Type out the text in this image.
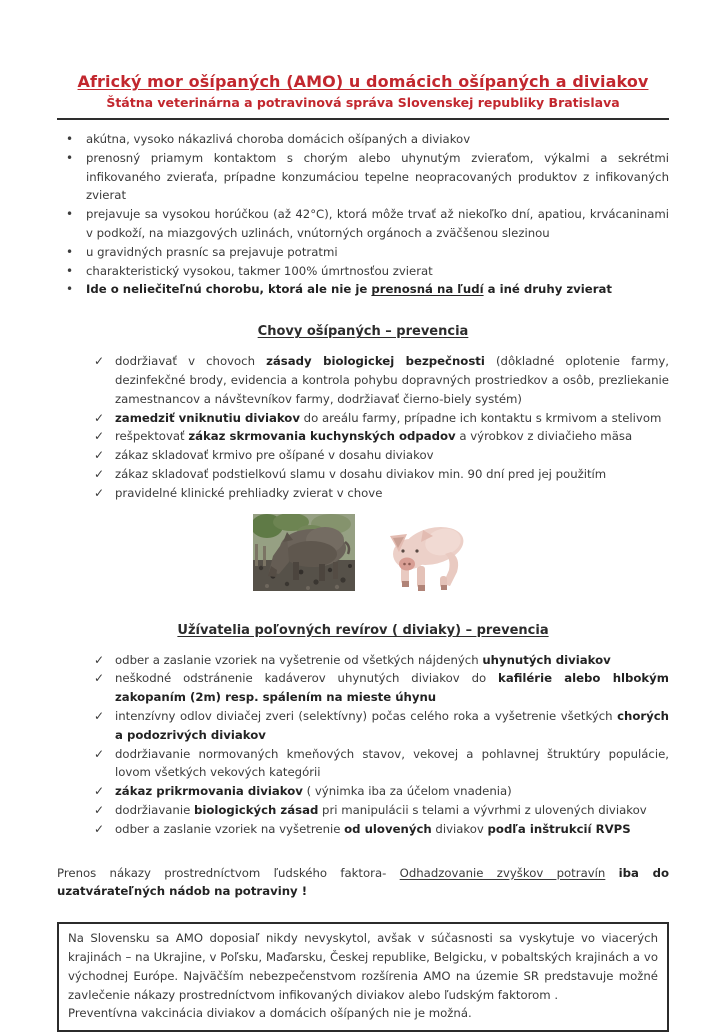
Africký mor ošípaných (AMO) u domácich ošípaných a diviakov
Štátna veterinárna a potravinová správa Slovenskej republiky Bratislava
•	akútna, vysoko nákazlivá choroba domácich ošípaných a diviakov
•	prenosný priamym kontaktom s chorým alebo uhynutým zvieraťom, výkalmi a sekrétmi infikovaného zvieraťa, prípadne konzumáciou tepelne neopracovaných produktov z infikovaných zvierat
•	prejavuje sa vysokou horúčkou (až 42°C), ktorá môže trvať až niekoľko dní, apatiou, krvácaninami v podkoží, na miazgových uzlinách, vnútorných orgánoch a zväčšenou slezinou
•	u gravidných prasníc sa prejavuje potratmi
•	charakteristický vysokou, takmer 100% úmrtnosťou zvierat
•	Ide o neliečiteľnú chorobu, ktorá ale nie je prenosná na ľudí a iné druhy zvierat
Chovy ošípaných – prevencia
✓ dodržiavať v chovoch zásady biologickej bezpečnosti (dôkladné oplotenie farmy, dezinfekčné brody, evidencia a kontrola pohybu dopravných prostriedkov a osôb, prezliekanie zamestnancov a návštevníkov farmy, dodržiavať čierno-biely systém)
✓ zamedziť vniknutiu diviakov do areálu farmy, prípadne ich kontaktu s krmivom a stelivom
✓ rešpektovať zákaz skrmovania kuchynských odpadov a výrobkov z diviačieho mäsa
✓ zákaz skladovať krmivo pre ošípané v dosahu diviakov
✓ zákaz skladovať podstielkovú slamu v dosahu diviakov min. 90 dní pred jej použitím
✓ pravidelné klinické prehliadky zvierat v chove
Užívatelia poľovných revírov ( diviaky) – prevencia
✓ odber a zaslanie vzoriek na vyšetrenie od všetkých nájdených uhynutých diviakov
✓ neškodné odstránenie kadáverov uhynutých diviakov do kafilérie alebo hlbokým zakopaním (2m) resp. spálením na mieste úhynu
✓ intenzívny odlov diviačej zveri (selektívny) počas celého roka a vyšetrenie všetkých chorých a podozrivých diviakov
✓ dodržiavanie normovaných kmeňových stavov, vekovej a pohlavnej štruktúry populácie, lovom všetkých vekových kategórii
✓ zákaz prikrmovania diviakov ( výnimka iba za účelom vnadenia)
✓ dodržiavanie biologických zásad pri manipulácii s telami a vývrhmi z ulovených diviakov
✓ odber a zaslanie vzoriek na vyšetrenie od ulovených diviakov podľa inštrukcií RVPS

Prenos nákazy prostredníctvom ľudského faktora- Odhadzovanie zvyškov potravín iba do uzatvárateľných nádob na potraviny !

Na Slovensku sa AMO doposiaľ nikdy nevyskytol, avšak v súčasnosti sa vyskytuje vo viacerých krajinách – na Ukrajine, v Poľsku, Maďarsku, Českej republike, Belgicku, v pobaltských krajinách a vo východnej Európe. Najväčším nebezpečenstvom rozšírenia AMO na územie SR predstavuje možné zavlečenie nákazy prostredníctvom infikovaných diviakov alebo ľudským faktorom .

Preventívna vakcinácia diviakov a domácich ošípaných nie je možná.
